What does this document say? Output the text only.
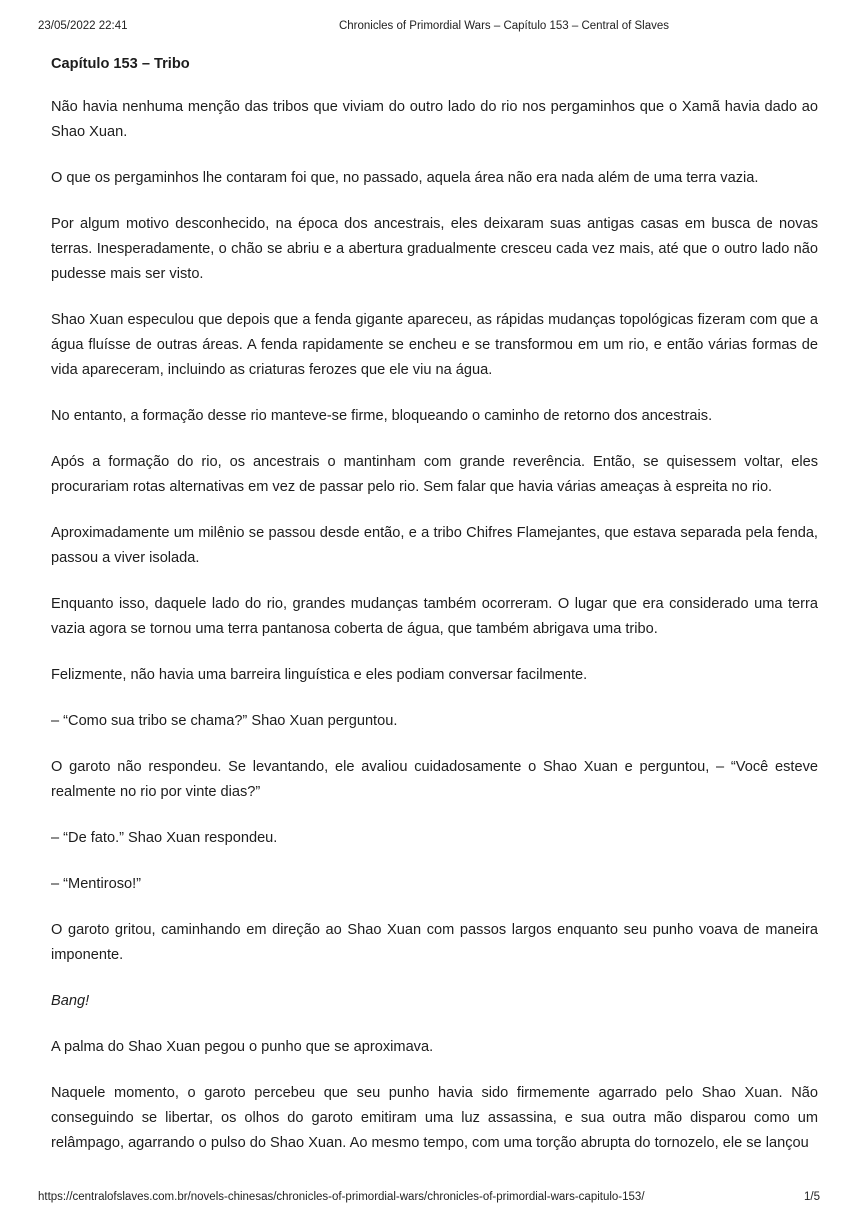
23/05/2022 22:41	Chronicles of Primordial Wars – Capítulo 153 – Central of Slaves
Capítulo 153 – Tribo

Não havia nenhuma menção das tribos que viviam do outro lado do rio nos pergaminhos que o Xamã havia dado ao Shao Xuan.

O que os pergaminhos lhe contaram foi que, no passado, aquela área não era nada além de uma terra vazia.

Por algum motivo desconhecido, na época dos ancestrais, eles deixaram suas antigas casas em busca de novas terras. Inesperadamente, o chão se abriu e a abertura gradualmente cresceu cada vez mais, até que o outro lado não pudesse mais ser visto.

Shao Xuan especulou que depois que a fenda gigante apareceu, as rápidas mudanças topológicas fizeram com que a água fluísse de outras áreas. A fenda rapidamente se encheu e se transformou em um rio, e então várias formas de vida apareceram, incluindo as criaturas ferozes que ele viu na água.

No entanto, a formação desse rio manteve-se firme, bloqueando o caminho de retorno dos ancestrais.

Após a formação do rio, os ancestrais o mantinham com grande reverência. Então, se quisessem voltar, eles procurariam rotas alternativas em vez de passar pelo rio. Sem falar que havia várias ameaças à espreita no rio.

Aproximadamente um milênio se passou desde então, e a tribo Chifres Flamejantes, que estava separada pela fenda, passou a viver isolada.

Enquanto isso, daquele lado do rio, grandes mudanças também ocorreram. O lugar que era considerado uma terra vazia agora se tornou uma terra pantanosa coberta de água, que também abrigava uma tribo.

Felizmente, não havia uma barreira linguística e eles podiam conversar facilmente.

– “Como sua tribo se chama?” Shao Xuan perguntou.

O garoto não respondeu. Se levantando, ele avaliou cuidadosamente o Shao Xuan e perguntou, – “Você esteve realmente no rio por vinte dias?”

– “De fato.” Shao Xuan respondeu.

– “Mentiroso!”

O garoto gritou, caminhando em direção ao Shao Xuan com passos largos enquanto seu punho voava de maneira imponente.

Bang!

A palma do Shao Xuan pegou o punho que se aproximava.

Naquele momento, o garoto percebeu que seu punho havia sido firmemente agarrado pelo Shao Xuan. Não conseguindo se libertar, os olhos do garoto emitiram uma luz assassina, e sua outra mão disparou como um relâmpago, agarrando o pulso do Shao Xuan. Ao mesmo tempo, com uma torção abrupta do tornozelo, ele se lançou

https://centralofslaves.com.br/novels-chinesas/chronicles-of-primordial-wars/chronicles-of-primordial-wars-capitulo-153/	1/5
